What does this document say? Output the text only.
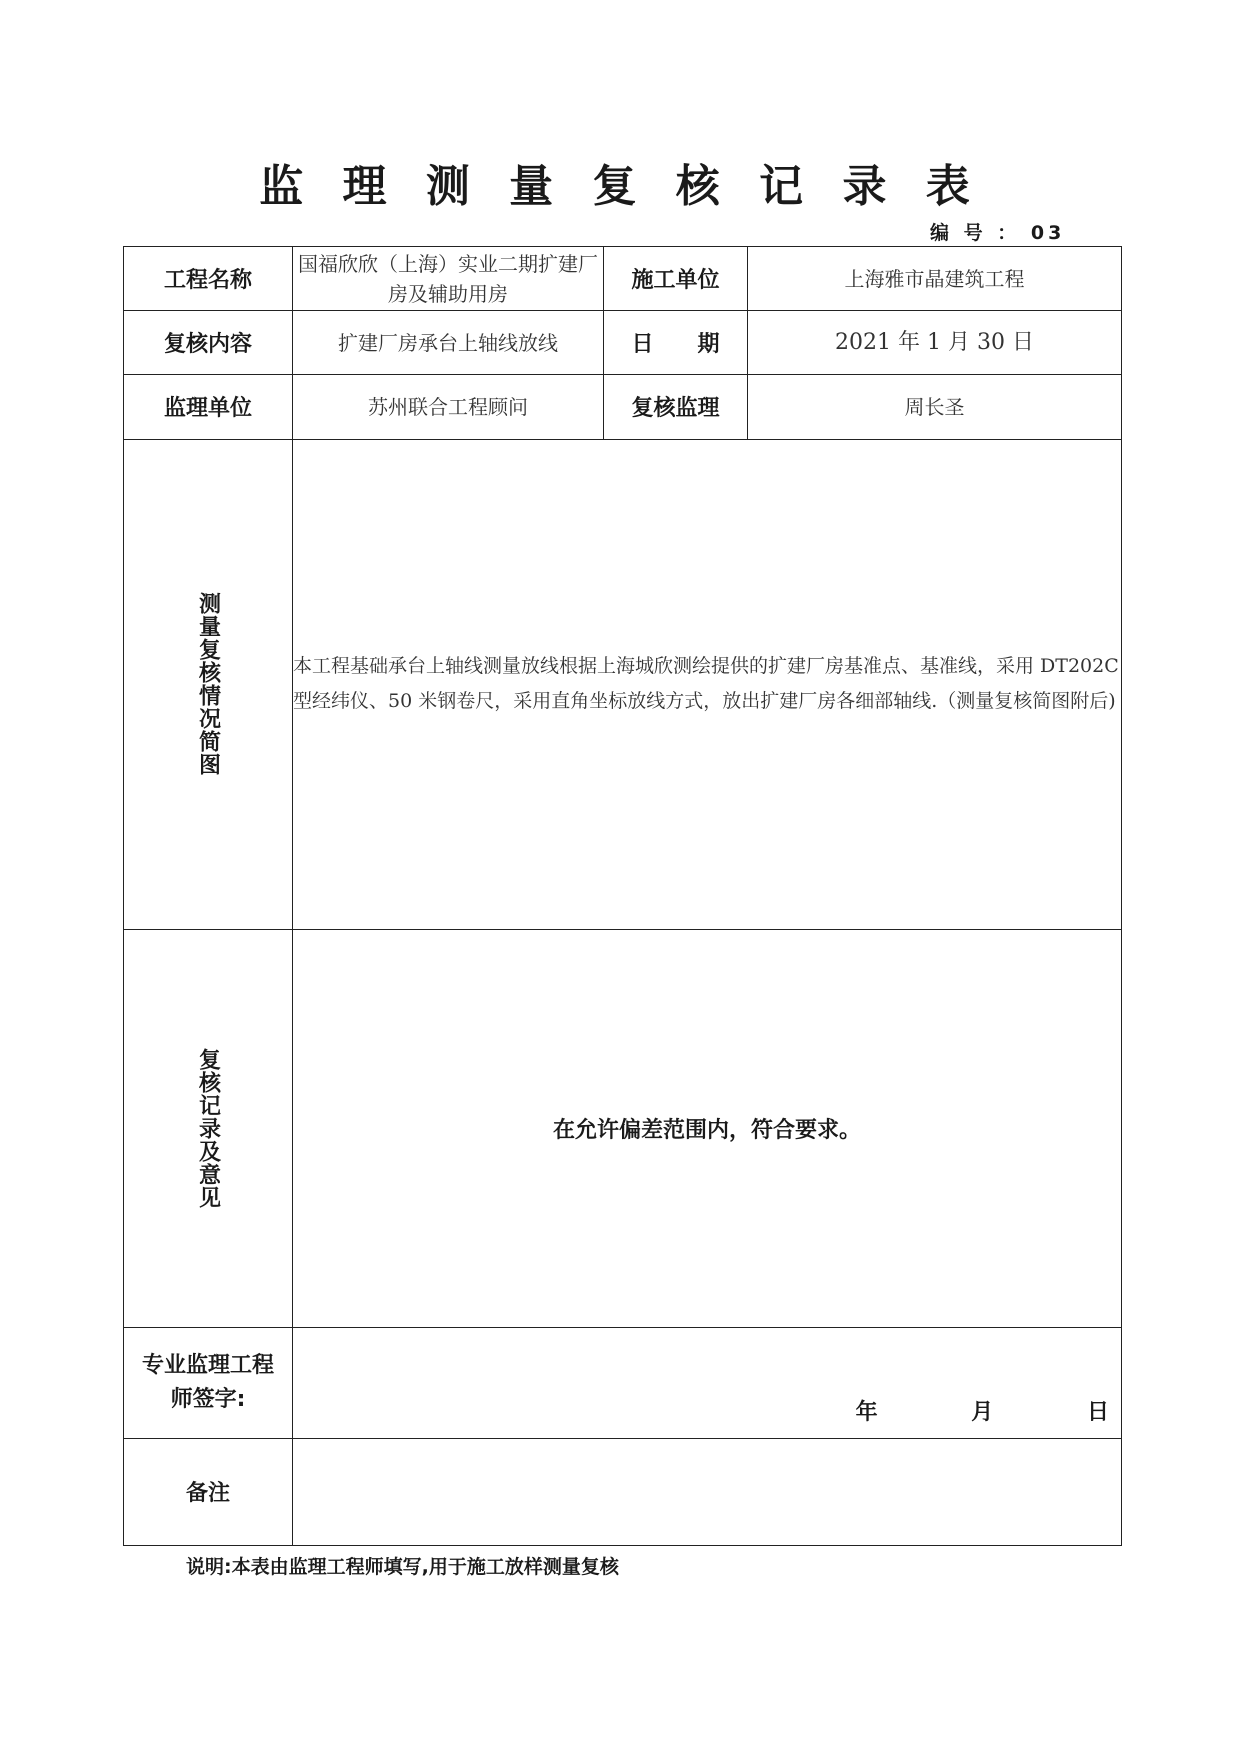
监 理 测 量 复 核 记 录 表
编 号 ： 03
工程名称	国福欣欣（上海）实业二期扩建厂房及辅助用房	施工单位	上海雅市晶建筑工程
复核内容	扩建厂房承台上轴线放线	日　　期	2021 年 1 月 30 日
监理单位	苏州联合工程顾问	复核监理	周长圣

测量复核情况简图	本工程基础承台上轴线测量放线根据上海城欣测绘提供的扩建厂房基准点、基准线，采用 DT202C 型经纬仪、50 米钢卷尺，采用直角坐标放线方式，放出扩建厂房各细部轴线.（测量复核简图附后)		

复核记录及意见	在允许偏差范围内，符合要求。		
专业监理工程师签字:	年 月 日		

备注			
说明:本表由监理工程师填写,用于施工放样测量复核
